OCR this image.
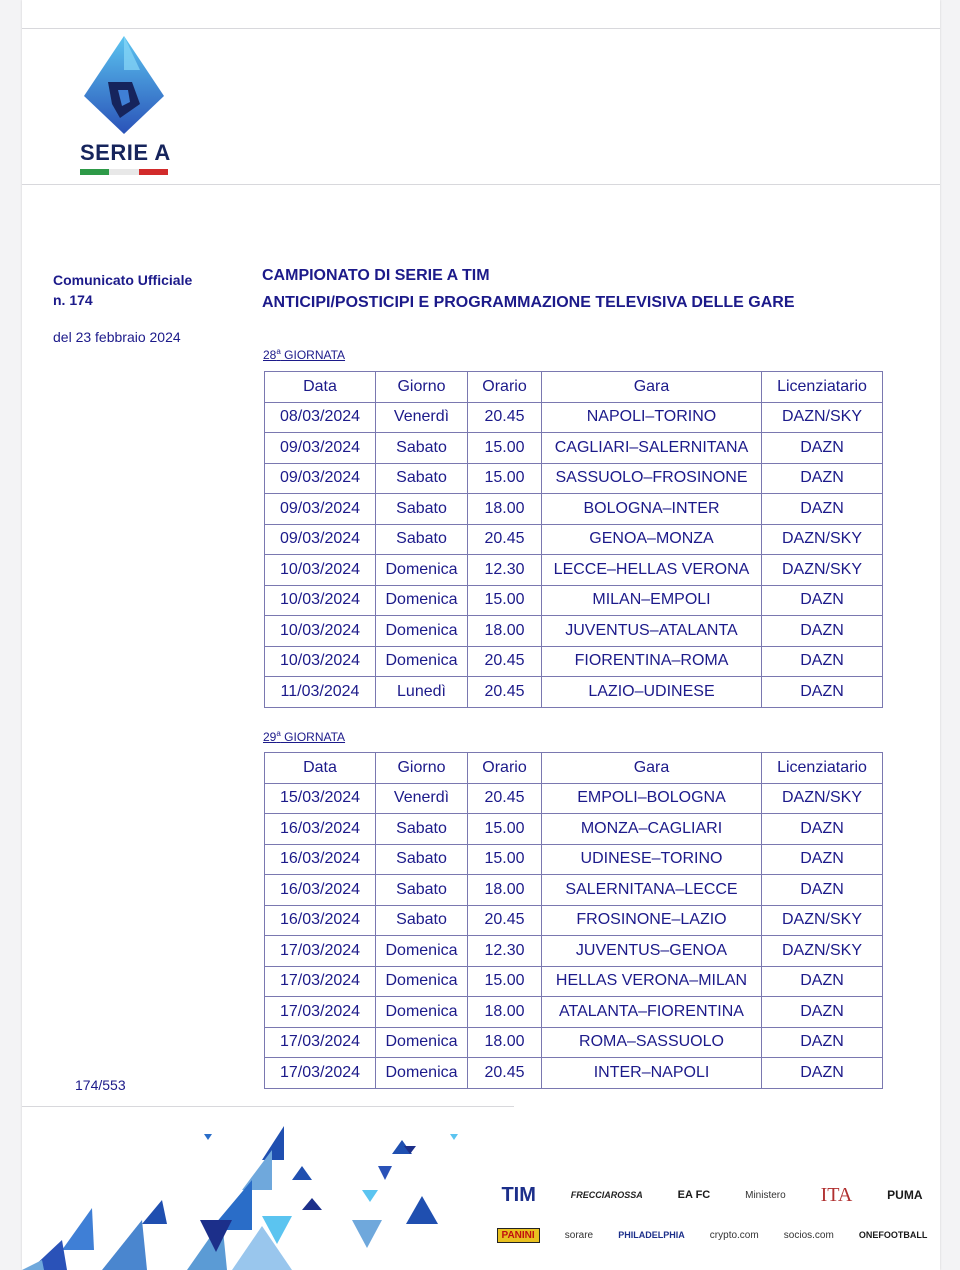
SERIE A
Comunicato Ufficiale
n. 174
del 23 febbraio 2024
CAMPIONATO DI SERIE A TIM
ANTICIPI/POSTICIPI E PROGRAMMAZIONE TELEVISIVA DELLE GARE
28$^a$ GIORNATA
Data	Giorno	Orario	Gara	Licenziatario
08/03/2024	Venerdì	20.45	NAPOLI–TORINO	DAZN/SKY
09/03/2024	Sabato	15.00	CAGLIARI–SALERNITANA	DAZN
09/03/2024	Sabato	15.00	SASSUOLO–FROSINONE	DAZN
09/03/2024	Sabato	18.00	BOLOGNA–INTER	DAZN
09/03/2024	Sabato	20.45	GENOA–MONZA	DAZN/SKY
10/03/2024	Domenica	12.30	LECCE–HELLAS VERONA	DAZN/SKY
10/03/2024	Domenica	15.00	MILAN–EMPOLI	DAZN
10/03/2024	Domenica	18.00	JUVENTUS–ATALANTA	DAZN
10/03/2024	Domenica	20.45	FIORENTINA–ROMA	DAZN
11/03/2024	Lunedì	20.45	LAZIO–UDINESE	DAZN
29$^a$ GIORNATA
Data	Giorno	Orario	Gara	Licenziatario
15/03/2024	Venerdì	20.45	EMPOLI–BOLOGNA	DAZN/SKY
16/03/2024	Sabato	15.00	MONZA–CAGLIARI	DAZN
16/03/2024	Sabato	15.00	UDINESE–TORINO	DAZN
16/03/2024	Sabato	18.00	SALERNITANA–LECCE	DAZN
16/03/2024	Sabato	20.45	FROSINONE–LAZIO	DAZN/SKY
17/03/2024	Domenica	12.30	JUVENTUS–GENOA	DAZN/SKY
17/03/2024	Domenica	15.00	HELLAS VERONA–MILAN	DAZN
17/03/2024	Domenica	18.00	ATALANTA–FIORENTINA	DAZN
17/03/2024	Domenica	18.00	ROMA–SASSUOLO	DAZN
17/03/2024	Domenica	20.45	INTER–NAPOLI	DAZN
174/553
TIM	FRECCIAROSSA	EA FC	Ministero ITA	PUMA
PANINI	sorare	PHILADELPHIA	crypto.com	socios.com	ONEFOOTBALL
